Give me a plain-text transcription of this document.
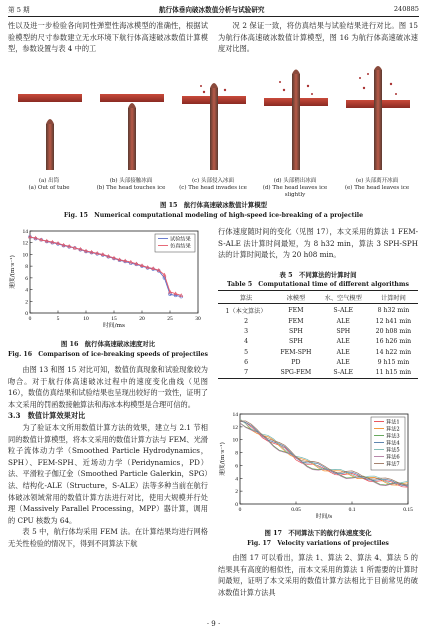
第 5 期	航行体垂向破冰数值分析与试验研究	240885

性以及进一步检验各向同性弹塑性海冰模型的准确性，根据试验模型的尺寸参数建立无水环境下航行体高速破冰数值计算模型，参数设置与表 4 中的工

况 2 保证一致，将仿真结果与试验结果进行对比。图 15 为航行体高速破冰数值计算模型，图 16 为航行体高速破冰速度对比图。

(a) 出筒
(a) Out of tube
(b) 头部接触冰面
(b) The head touches ice
(c) 头部侵入冰面
(c) The head invades ice
(d) 头部稍出冰面
(d) The head leaves ice slightly
(e) 头部离开冰面
(e) The head leaves ice
图 15　航行体高速破冰数值计算模型
Fig. 15　Numerical computational modeling of high-speed ice-breaking of a projectile
0	5	10	15	20	25	30
0
2
4
6
8
10
12
14
时间/ms
速度/(m·s⁻¹)
试验结果
仿真结果
图 16　航行体高速破冰速度对比
Fig. 16　Comparison of ice-breaking speeds of projectiles

由图 13 和图 15 对比可知，数值仿真现象和试验现象较为吻合。对于航行体高速破冰过程中的速度变化曲线（见图 16），数值仿真结果和试验结果也呈现出较好的一致性，证明了本文采用的罚函数接触算法和海冰本构模型是合理可信的。

3.3　数值计算效果对比

为了验证本文所用数值计算方法的效果，建立与 2.1 节相同的数值计算模型，将本文采用的数值计算方法与 FEM、光滑粒子流体动力学（Smoothed Particle Hydrodynamics，SPH）、FEM-SPH、近场动力学（Peridynamics，PD）法、平滑粒子伽辽金（Smoothed Particle Galerkin，SPG）法、结构化-ALE（Structure，S-ALE）法等多种当前在航行体破冰领域常用的数值计算方法进行对比，使用大规模并行处理（Massively Parallel Processing，MPP）器计算，调用的 CPU 核数为 64。

表 5 中，航行体均采用 FEM 法。在计算结果均进行网格无关性检验的情况下，得到不同算法下航

行体速度随时间的变化（见图 17），本文采用的算法 1 FEM-S-ALE 法计算时间最短，为 8 h32 min，算法 3 SPH-SPH 法的计算时间最长，为 20 h08 min。

表 5　不同算法的计算时间
Table 5　Computational time of different algorithms
算法	冰模型	水、空气模型	计算时间
1（本文算法）	FEM	S-ALE	8 h32 min
2	FEM	ALE	12 h41 min
3	SPH	SPH	20 h08 min
4	SPH	ALE	16 h26 min
5	FEM-SPH	ALE	14 h22 min
6	PD	ALE	9 h15 min
7	SPG-FEM	S-ALE	11 h15 min
0	0.05	0.1	0.15
0
2
4
6
8
10
12
14
时间/s
速度/(m·s⁻¹)
算法1
算法2
算法3
算法4
算法5
算法6
算法7
图 17　不同算法下的航行体速度变化
Fig. 17　Velocity variations of projectiles

由图 17 可以看出，算法 1、算法 2、算法 4、算法 5 的结果具有高度的相似性，而本文采用的算法 1 所需要的计算时间最短，证明了本文采用的数值计算方法相比于目前常见的破冰数值计算方法具

· 9 ·
